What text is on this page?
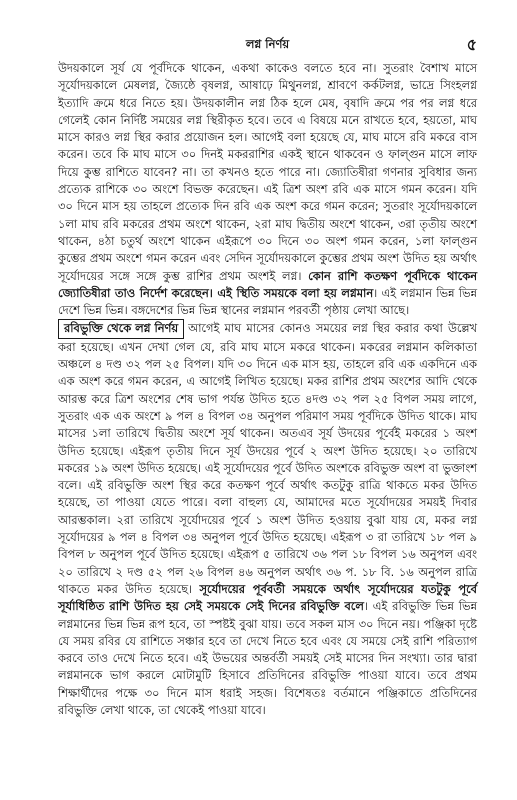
লগ্ন নির্ণয়	৫

উদয়কালে সূর্য যে পূর্বদিকে থাকেন, একথা কাকেও বলতে হবে না। সুতরাং বৈশাখ মাসে সূর্যোদয়কালে মেষলগ্ন, জ্যৈষ্ঠে বৃষলগ্ন, আষাঢ়ে মিথুনলগ্ন, শ্রাবণে কর্কটলগ্ন, ভাদ্রে সিংহলগ্ন ইত্যাদি ক্রমে ধরে নিতে হয়। উদয়কালীন লগ্ন ঠিক হলে মেষ, বৃষাদি ক্রমে পর পর লগ্ন ধরে গেলেই কোন নির্দিষ্ট সময়ের লগ্ন স্থিরীকৃত হবে। তবে এ বিষয়ে মনে রাখতে হবে, হয়তো, মাঘ মাসে কারও লগ্ন স্থির করার প্রয়োজন হল। আগেই বলা হয়েছে যে, মাঘ মাসে রবি মকরে বাস করেন। তবে কি মাঘ মাসে ৩০ দিনই মকররাশির একই স্থানে থাকবেন ও ফাল্গুন মাসে লাফ দিয়ে কুম্ভ রাশিতে যাবেন? না। তা কখনও হতে পারে না। জ্যোতিষীরা গণনার সুবিধার জন্য প্রত্যেক রাশিকে ৩০ অংশে বিভক্ত করেছেন। এই ত্রিশ অংশ রবি এক মাসে গমন করেন। যদি ৩০ দিনে মাস হয় তাহলে প্রত্যেক দিন রবি এক অংশ করে গমন করেন; সুতরাং সূর্যোদয়কালে ১লা মাঘ রবি মকরের প্রথম অংশে থাকেন, ২রা মাঘ দ্বিতীয় অংশে থাকেন, ৩রা তৃতীয় অংশে থাকেন, ৪ঠা চতুর্থ অংশে থাকেন এইরূপে ৩০ দিনে ৩০ অংশ গমন করেন, ১লা ফাল্গুন কুম্ভের প্রথম অংশে গমন করেন এবং সেদিন সূর্যোদয়কালে কুম্ভের প্রথম অংশ উদিত হয় অর্থাৎ সূর্যোদয়ের সঙ্গে সঙ্গে কুম্ভ রাশির প্রথম অংশই লগ্ন। কোন রাশি কতক্ষণ পূর্বদিকে থাকেন জ্যোতিষীরা তাও নির্দেশ করেছেন। এই স্থিতি সময়কে বলা হয় লগ্নমান। এই লগ্নমান ভিন্ন ভিন্ন দেশে ভিন্ন ভিন্ন। বঙ্গদেশের ভিন্ন ভিন্ন স্থানের লগ্নমান পরবর্তী পৃষ্ঠায় লেখা আছে।

রবিভুক্তি থেকে লগ্ন নির্ণয় আগেই মাঘ মাসের কোনও সময়ের লগ্ন স্থির করার কথা উল্লেখ করা হয়েছে। এখন দেখা গেল যে, রবি মাঘ মাসে মকরে থাকেন। মকরের লগ্নমান কলিকাতা অঞ্চলে ৪ দণ্ড ৩২ পল ২৫ বিপল। যদি ৩০ দিনে এক মাস হয়, তাহলে রবি এক একদিনে এক এক অংশ করে গমন করেন, এ আগেই লিখিত হয়েছে। মকর রাশির প্রথম অংশের আদি থেকে আরম্ভ করে ত্রিশ অংশের শেষ ভাগ পর্যন্ত উদিত হতে ৪দণ্ড ৩২ পল ২৫ বিপল সময় লাগে, সুতরাং এক এক অংশে ৯ পল ৪ বিপল ৩৪ অনুপল পরিমাণ সময় পূর্বদিকে উদিত থাকে। মাঘ মাসের ১লা তারিখে দ্বিতীয় অংশে সূর্য থাকেন। অতএব সূর্য উদয়ের পূর্বেই মকরের ১ অংশ উদিত হয়েছে। এইরূপ তৃতীয় দিনে সূর্য উদয়ের পূর্বে ২ অংশ উদিত হয়েছে। ২০ তারিখে মকরের ১৯ অংশ উদিত হয়েছে। এই সূর্যোদয়ের পূর্বে উদিত অংশকে রবিভুক্ত অংশ বা ভুক্তাংশ বলে। এই রবিভুক্তি অংশ স্থির করে কতক্ষণ পূর্বে অর্থাৎ কতটুকু রাত্রি থাকতে মকর উদিত হয়েছে, তা পাওয়া যেতে পারে। বলা বাহুল্য যে, আমাদের মতে সূর্যোদয়ের সময়ই দিবার আরম্ভকাল। ২রা তারিখে সূর্যোদয়ের পূর্বে ১ অংশ উদিত হওয়ায় বুঝা যায় যে, মকর লগ্ন সূর্যোদয়ের ৯ পল ৪ বিপল ৩৪ অনুপল পূর্বে উদিত হয়েছে। এইরূপ ৩ রা তারিখে ১৮ পল ৯ বিপল ৮ অনুপল পূর্বে উদিত হয়েছে। এইরূপ ৫ তারিখে ৩৬ পল ১৮ বিপল ১৬ অনুপল এবং ২০ তারিখে ২ দণ্ড ৫২ পল ২৬ বিপল ৪৬ অনুপল অর্থাৎ ৩৬ প. ১৮ বি. ১৬ অনুপল রাত্রি থাকতে মকর উদিত হয়েছে। সূর্যোদয়ের পূর্ববর্তী সময়কে অর্থাৎ সূর্যোদয়ের যতটুকু পূর্বে সূর্যাধিষ্ঠিত রাশি উদিত হয় সেই সময়কে সেই দিনের রবিভুক্তি বলে। এই রবিভুক্তি ভিন্ন ভিন্ন লগ্নমানের ভিন্ন ভিন্ন রূপ হবে, তা স্পষ্টই বুঝা যায়। তবে সকল মাস ৩০ দিনে নয়। পঞ্জিকা দৃষ্টে যে সময় রবির যে রাশিতে সঞ্চার হবে তা দেখে নিতে হবে এবং যে সময়ে সেই রাশি পরিত্যাগ করবে তাও দেখে নিতে হবে। এই উভয়ের অন্তর্বর্তী সময়ই সেই মাসের দিন সংখ্যা। তার দ্বারা লগ্নমানকে ভাগ করলে মোটামুটি হিসাবে প্রতিদিনের রবিভুক্তি পাওয়া যাবে। তবে প্রথম শিক্ষার্থীদের পক্ষে ৩০ দিনে মাস ধরাই সহজ। বিশেষতঃ বর্তমানে পঞ্জিকাতে প্রতিদিনের রবিভুক্তি লেখা থাকে, তা থেকেই পাওয়া যাবে।
